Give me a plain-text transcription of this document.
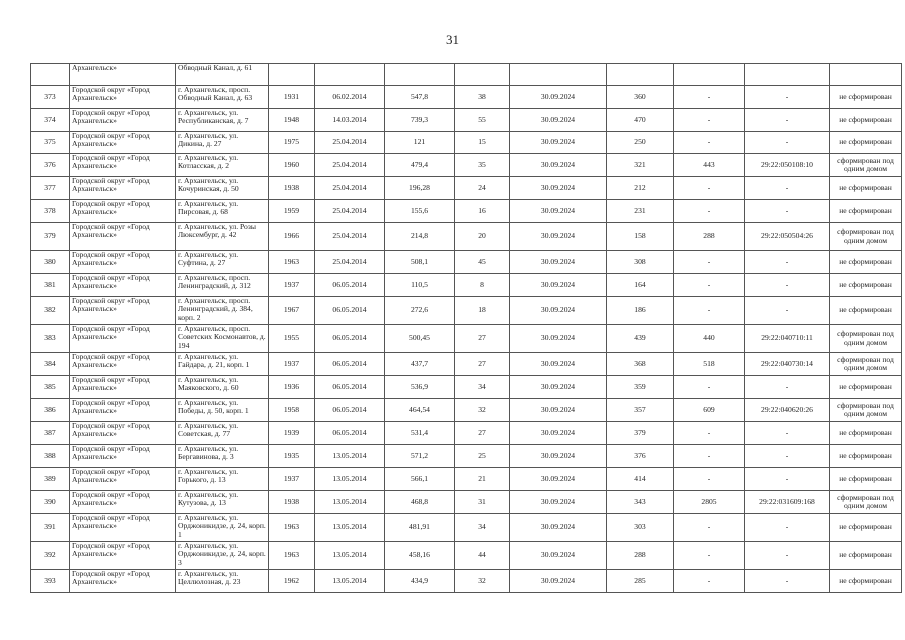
31
	Архангельск»	Обводный Канал, д. 61									
373	Городской округ «Город Архангельск»	г. Архангельск, просп. Обводный Канал, д. 63	1931	06.02.2014	547,8	38	30.09.2024	360	-	-	не сформирован
374	Городской округ «Город Архангельск»	г. Архангельск, ул. Республиканская, д. 7	1948	14.03.2014	739,3	55	30.09.2024	470	-	-	не сформирован
375	Городской округ «Город Архангельск»	г. Архангельск, ул. Дикина, д. 27	1975	25.04.2014	121	15	30.09.2024	250	-	-	не сформирован
376	Городской округ «Город Архангельск»	г. Архангельск, ул. Котласская, д. 2	1960	25.04.2014	479,4	35	30.09.2024	321	443	29:22:050108:10	сформирован под одним домом
377	Городской округ «Город Архангельск»	г. Архангельск, ул. Кочуринская, д. 50	1938	25.04.2014	196,28	24	30.09.2024	212	-	-	не сформирован
378	Городской округ «Город Архангельск»	г. Архангельск, ул. Пирсовая, д. 68	1959	25.04.2014	155,6	16	30.09.2024	231	-	-	не сформирован
379	Городской округ «Город Архангельск»	г. Архангельск, ул. Розы Люксембург, д. 42	1966	25.04.2014	214,8	20	30.09.2024	158	288	29:22:050504:26	сформирован под одним домом
380	Городской округ «Город Архангельск»	г. Архангельск, ул. Суфтина, д. 27	1963	25.04.2014	508,1	45	30.09.2024	308	-	-	не сформирован
381	Городской округ «Город Архангельск»	г. Архангельск, просп. Ленинградский, д. 312	1937	06.05.2014	110,5	8	30.09.2024	164	-	-	не сформирован
382	Городской округ «Город Архангельск»	г. Архангельск, просп. Ленинградский, д. 384, корп. 2	1967	06.05.2014	272,6	18	30.09.2024	186	-	-	не сформирован
383	Городской округ «Город Архангельск»	г. Архангельск, просп. Советских Космонавтов, д. 194	1955	06.05.2014	500,45	27	30.09.2024	439	440	29:22:040710:11	сформирован под одним домом
384	Городской округ «Город Архангельск»	г. Архангельск, ул. Гайдара, д. 21, корп. 1	1937	06.05.2014	437,7	27	30.09.2024	368	518	29:22:040730:14	сформирован под одним домом
385	Городской округ «Город Архангельск»	г. Архангельск, ул. Маяковского, д. 60	1936	06.05.2014	536,9	34	30.09.2024	359	-	-	не сформирован
386	Городской округ «Город Архангельск»	г. Архангельск, ул. Победы, д. 50, корп. 1	1958	06.05.2014	464,54	32	30.09.2024	357	609	29:22:040620:26	сформирован под одним домом
387	Городской округ «Город Архангельск»	г. Архангельск, ул. Советская, д. 77	1939	06.05.2014	531,4	27	30.09.2024	379	-	-	не сформирован
388	Городской округ «Город Архангельск»	г. Архангельск, ул. Бергавинова, д. 3	1935	13.05.2014	571,2	25	30.09.2024	376	-	-	не сформирован
389	Городской округ «Город Архангельск»	г. Архангельск, ул. Горького, д. 13	1937	13.05.2014	566,1	21	30.09.2024	414	-	-	не сформирован
390	Городской округ «Город Архангельск»	г. Архангельск, ул. Кутузова, д. 13	1938	13.05.2014	468,8	31	30.09.2024	343	2805	29:22:031609:168	сформирован под одним домом
391	Городской округ «Город Архангельск»	г. Архангельск, ул. Орджоникидзе, д. 24, корп. 1	1963	13.05.2014	481,91	34	30.09.2024	303	-	-	не сформирован
392	Городской округ «Город Архангельск»	г. Архангельск, ул. Орджоникидзе, д. 24, корп. 3	1963	13.05.2014	458,16	44	30.09.2024	288	-	-	не сформирован
393	Городской округ «Город Архангельск»	г. Архангельск, ул. Целлюлозная, д. 23	1962	13.05.2014	434,9	32	30.09.2024	285	-	-	не сформирован
